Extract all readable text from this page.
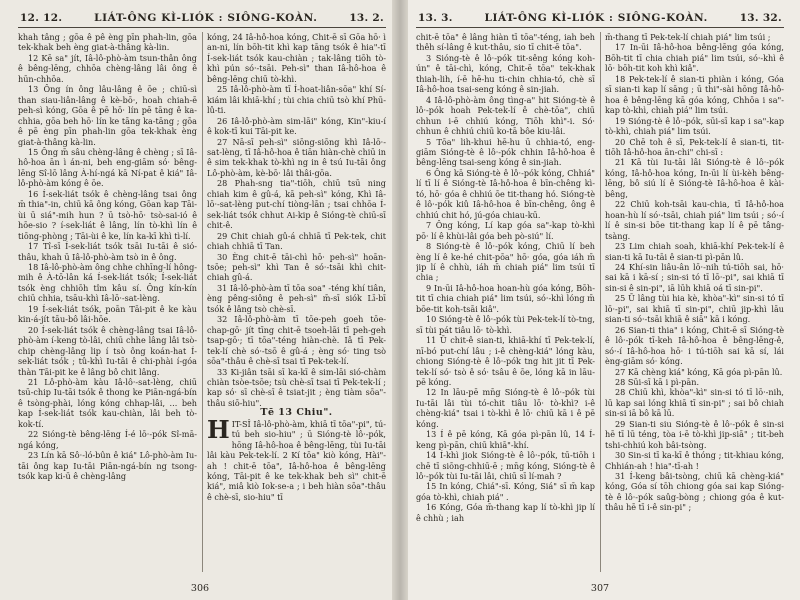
12. 12.	LIÁT-ÔNG KÌ-LIÓK : SIÔNG-KOÀN.	13. 2.

khah tâng ; gōa ê pê èng pīn phah-lin, gōa tek-khak beh èng giat-à-thâng kà-lin.

12 Kē sa" jít, Iâ-lô-phò-àm tsun-thân ông ê bêng-lēng, chhōa chèng-lâng lâi ông ê hūn-chhōa.

13 Ông ín ông lâu-lâng ê ōe ; chiū-sì than siau-liân-lâng ê kè-bō·, hoah chiah-ē peh-sì kóng, Gōa ê pē hō· lín pē tāng ê ka-chhia, gōa beh hō· lín ke tāng ka-tāng ; gōa ê pē èng pīn phah-lin gōa tek-khak èng giat-à-thâng kà-lin.

15 Ông m̄ sâu chèng-lâng ê chèng ; sī Iâ-hô-hoa ān ì án-ni, beh eng-giām só· bêng-lēng Sî-lō lâng À-hí-ngá kā Ní-pat ê kiá" Iâ-lô-phò-àm kóng ê ōe.

16 Í-sek-liát tsók ê chèng-lâng tsai ông m̄ thia"-in, chiū kā ông kóng, Gōan kap Tāi-ùi ū siá"-mih hun ? ū tsò-hō· tsò-sai-ió ê hōe-sio ? í-sek-liát ê lâng, lín tò-khì lín ê tiōng-phòng ; Tāi-ùi ê ke, lín ka-kī khì tì-lí.

17 Tî-sī Í-sek-liát tsók tsāi Iu-tāi ê sió-thâu, khah ū Iâ-lô-phò-àm tsò in ê ông.

18 Iâ-lô-phò-àm ông chhe chhīng-lí hông-mih ê À-tō-lân ká Í-sek-liát tsók; Í-sek-liát tsók èng chhiōh tîm kâu sí. Ông kín-kín chiū chhia, tsāu-khì Iâ-lō·-sat-lèng.

19 Í-sek-liát tsók, poān Tāi-pit ê ke kàu kin-á-jít tāu-bô lâi-hōe.

20 Í-sek-liát tsók ê chèng-lâng tsai Iâ-lô-phò-àm í-keng tò-lâi, chiū chhe lâng lâi tsò-chip chèng-lâng lip í tsò ông koán-hat Í-sek-liát tsók ; tû-khì Iu-tāi ê chi-phài í-góa thàn Tāi-pit ke ê lâng bô chit lâng.

21 Lô-phò-àm kàu Iâ-lô·-sat-lèng, chiū tsū-chip Iu-tāi tsók ê thong ke Piān-ngá-bín ê tsòng-phài, lóng kóng chhap-lâi, ... beh kap Í-sek-liát tsók kau-chiàn, lâi beh tò-kok-tí.

22 Sióng-tè bêng-lēng Í-é lō·-pók Sî-mā-ngá kóng,

23 Lín kā Sô·-ló-bûn ê kiá" Lô-phò-àm Iu-tāi ông kap Iu-tāi Piān-ngá-bín ng tsong-tsók kap ki-ū ê chèng-lâng

kóng, 24 Iâ-hô-hoa kóng, Chit-ē sī Gōa hō· ì an-ni, lín bōh-tit khì kap tāng tsók ê hia"-tī Í-sek-liát tsók kau-chiàn ; tak-lâng tiōh tò-khì pún só·-tsāi. Peh-sì" than Iâ-hô-hoa ê bêng-lēng chiū tò-khì.

25 Iâ-lô-phò-àm tī Í-hoat-liân-sōa" khí Sí-kiám lâi khiā-khí ; tùi chia chiū tsò khí Phū-lû-ti.

26 Iâ-lô-phò-àm sim-lāi" kóng, Kin"-kiu-í ê kok-tī kui Tāi-pit ke.

27 Nā-sī peh-sì" siōng-siōng khì Iâ-lō·-sat-lèng, tī Iâ-hô-hoa ê tiān hiàn-chè chiū in ê sim tek-khak tò-khì ng in ê tsú Iu-tāi ông Lô-phò-àm, kè-bō· lâi thâi-gōa.

28 Phah-sng tia"-tiōh, chiū tsū ning chiah kim ê gû-á, kā peh-sì" kóng, Khì Iâ-lō·-sat-lèng put-chí tiòng-lān ; tsai chhōa Í-sek-liát tsók chhut Ai-kip ê Sióng-tè chiū-sī chit-ê.

29 Chit chiah gû-á chhiā tī Pek-tek, chit chiah chhiā tī Tan.

30 Èng chit-ē tāi-chì hō· peh-sì" hoān-tsōe; peh-sì" khì Tan ê só·-tsāi khì chit-chiah gû-á.

31 Iâ-lô-phò-àm tī tōa soa" -téng khí tiân, èng pêng-siông ê peh-sì" m̄-sī siók Lī-bī tsók ê lâng tsò chè-sī.

32 Iâ-lô-phò-àm tī tōe-peh goeh tōe-chap-gō· jít tīng chit-ē tsoeh-lāi tī peh-geh tsap-gō·; tī tōa"-téng hiàn-chè. Iâ tī Pek-tek-lí chè só·-tsō ê gû-á ; èng só· ting tsò sōa"-thâu ê chè-sī tsai tī Pek-tek-lí.

33 Ki-jiân tsāi sī ka-kī ê sim-lāi sió-chàm chiàn tsòe-tsōe; tsù chè-sī tsai tī Pek-tek-lí ; kap só· sī chè-sī ê tsiat-jit ; èng tiàm sōa"-thâu siō-hiu".

Tē 13 Chiu".

HIT-SÎ Iâ-lô-phò-àm, khiā tī tōa"-pi", tú-tú beh sio-hiu" ; ū Sióng-tè lô·-pók, hōng Iâ-hô-hoa ê bêng-lēng, tùi Iu-tāi lâi kàu Pek-tek-lí. 2 Kí tōa" kiò kóng, Hài"-ah ! chit-ē tōa", Iâ-hô-hoa ê bêng-lēng kóng, Tāi-pit ê ke tek-khak beh sì" chit-ē kiá", miâ kiò Iok-se-a ; i beh hiàn sōa"-thâu ê chè-sī, sio-hiu" tī

306
13. 3.	LIÁT-ÔNG KÌ-LIÓK : SIÔNG-KOÀN.	13. 32.

chit-ē tōa" ê lâng hiàn tī tōa"-téng, iah beh thêh sí-lâng ê kut-thâu, sio tī chit-ē tōa".

3 Sióng-tè ê lô·-pók tit-sêng kóng koh-ún" ê tāi-chì, kóng, Chit-ē tōa" tek-khak thiah-lih, í-ē hē-hu ti-chin chhia-tó, chè sī Iâ-hô-hoa tsai-seng kóng ê sin-jiah.

4 Iâ-lô-phò-àm ông tìng-a" hit Sióng-tè ê lô·-pók hoah Pek-tek-lí ê chè-tōa", chiū chhun i-ē chhiú kóng, Tiōh khì"-i. Só· chhun ê chhiú chiū ko-tā bôe kiu-lâi.

5 Tōa" lih-khui hē-hu ū chhia-tó, eng-giām Sióng-tè ê lô·-pók chhin Iâ-hô-hoa ê bêng-lēng tsai-seng kóng ê sin-jiah.

6 Ông kā Sióng-tè ê lô·-pók kóng, Chhiá" lí tī lí ê Sióng-tè Iâ-hô-hoa ê bīn-chêng kì-tó, hō· góa ê chhiú ōe tit-thang hó. Sióng-tè ê lô·-pók kiû Iâ-hô-hoa ê bīn-chêng, ông ê chhiú chit hó, jú-góa chiau-kū.

7 Ông kóng, Lí kap góa sa"-kap tò-khì pō· lí ê khùi-lâi góa beh pò-siú" lí.

8 Sióng-tè ê lô·-pók kóng, Chiū lí beh èng lí ê ke-hé chit-pōa" hō· góa, góa iáh m̄ jip lí ê chhù, iáh m̄ chiah piá" lim tsúi tī chia ;

9 In-ūi Iâ-hô-hoa hoan-hù góa kóng, Bōh-tit tī chia chiah piá" lim tsúi, só·-khì lóng m̄ bōe-tit koh-tsāi kiâ".

10 Sióng-tè ê lô·-pók tùi Pek-tek-lí tò-tng, sī tùi pát tiâu lō· tò-khì.

11 Ū chit-ê sian-ti, khiā-khí tī Pek-tek-lí, nī-bó put-chí lâu ; i-ê chèng-kiá" lóng kàu, chiong Sióng-tè ê lô·-pók tng hit jit tī Pek-tek-lí só· tsò ê só· tsâu ê ōe, lóng kā in lāu-pē kóng.

12 In lāu-pē mn̄g Sióng-tè ê lô·-pók tùi Iu-tāi lâi tùi tó-chit tiâu lō· tò-khì? i-ê chèng-kiá" tsai i tò-khì ê lō· chiū kā i ê pē kóng.

13 Í ê pē kóng, Kā góa pì-pān lû, 14 Í-keng pì-pān, chiū khiā"-khí.

14 Í-khì jiok Sióng-tè ê lô·-pók, tū-tiōh i chē tī siōng-chhiū-ē ; mn̄g kóng, Sióng-tè ê lô·-pók tùi Iu-tāi lâi, chiū sī lí-mah ?

15 In kóng, Chiá"-sī. Kóng, Siá" sī m̄ kap góa tò-khì, chiah piá" .

16 Kóng, Góa m̄-thang kap lí tò-khì jip lí ê chhù ; iah

m̄-thang tī Pek-tek-lí chiah piá" lim tsúi ;

17 In-ūi Iâ-hô-hoa bêng-lēng góa kóng, Bōh-tit tī chia chiah piá" lim tsúi, só·-khì ê lō· bōh-tit koh khì kiâ".

18 Pek-tek-lí ê sian-ti phiàn i kóng, Góa sī sian-ti kap lí sāng ; ū thi"-sài hōng Iâ-hô-hoa ê bêng-lēng kā góa kóng, Chhōa i sa"-kap tò-khì, chiah piá" lim tsúi.

19 Sióng-tè ê lô·-pók, sūi-sī kap i sa"-kap tò-khì, chiah piá" lim tsúi.

20 Chē toh ê sī, Pek-tek-lí ê sian-ti, tit-tiōh Iâ-hô-hoa ān-chi" chi-sī :

21 Kā tùi Iu-tāi lâi Sióng-tè ê lô·-pók kóng, Iâ-hô-hoa kóng, In-ūi lí ùi-kèh bêng-lēng, bô siú lí ê Sióng-tè Iâ-hô-hoa ê kài-bêng,

22 Chiū koh-tsāi kau-chia, tī Iâ-hô-hoa hoan-hù lí só·-tsāi, chiah piá" lim tsúi ; só·-í lí ê sin-si bōe tit-thang kap lí ê pē tâng-tsàng.

23 Lim chiah soah, khiā-khí Pek-tek-lí ê sian-ti kā Iu-tāi ê sian-ti pì-pān lû.

24 Khí-sin liâu-ân lō·-nih tú-tiōh sai, hō· sai kā i kā-sí ; sin-si tó tī lō·-pi", sai khiā tī sin-si ê sin-pi", iā lūh khiā oá tī sin-pi".

25 Ū lâng tùi hia kè, khòa"-kì" sin-si tó tī lō·-pi", sai khiā tī sin-pi", chiū jip-khì lāu sian-ti só·-tsāi khiā ê siā" kā i kóng.

26 Sian-ti thia" i kóng, Chit-ē sī Sióng-tè ê lô·-pók tī-keh Iâ-hô-hoa ê bêng-lēng-ê, só·-í Iâ-hô-hoa hō· i tú-tiōh sai kā sí, lái èng-giām só· kóng.

27 Kā chèng kiá" kóng, Kā góa pì-pān lû.

28 Sūi-sī kā i pì-pān.

28 Chiū khì, khòa"-kì" sin-si tó tī lō·-nih, lū kap sai lóng khiā tī sin-pi" ; sai bô chiah sin-si iā bô kā lū.

29 Sian-ti siu Sióng-tè ê lô·-pók ê sin-si hē tī lū téng, tòa i-ē tò-khì jip-siā" ; tit-beh tshi-chhiú koh bâi-tsòng.

30 Sin-si tī ka-kī ê thóng ; tit-khiau kóng, Chhián-ah ! hia"-tī-ah !

31 Í-keng bâi-tsòng, chiū kā chèng-kiá" kóng, Góa sí tōh chiong góa sai kap Sióng-tè ê lô·-pók saûg-bòng ; chiong góa ê kut-thâu hē tī i-ê sin-pi" ;

307
